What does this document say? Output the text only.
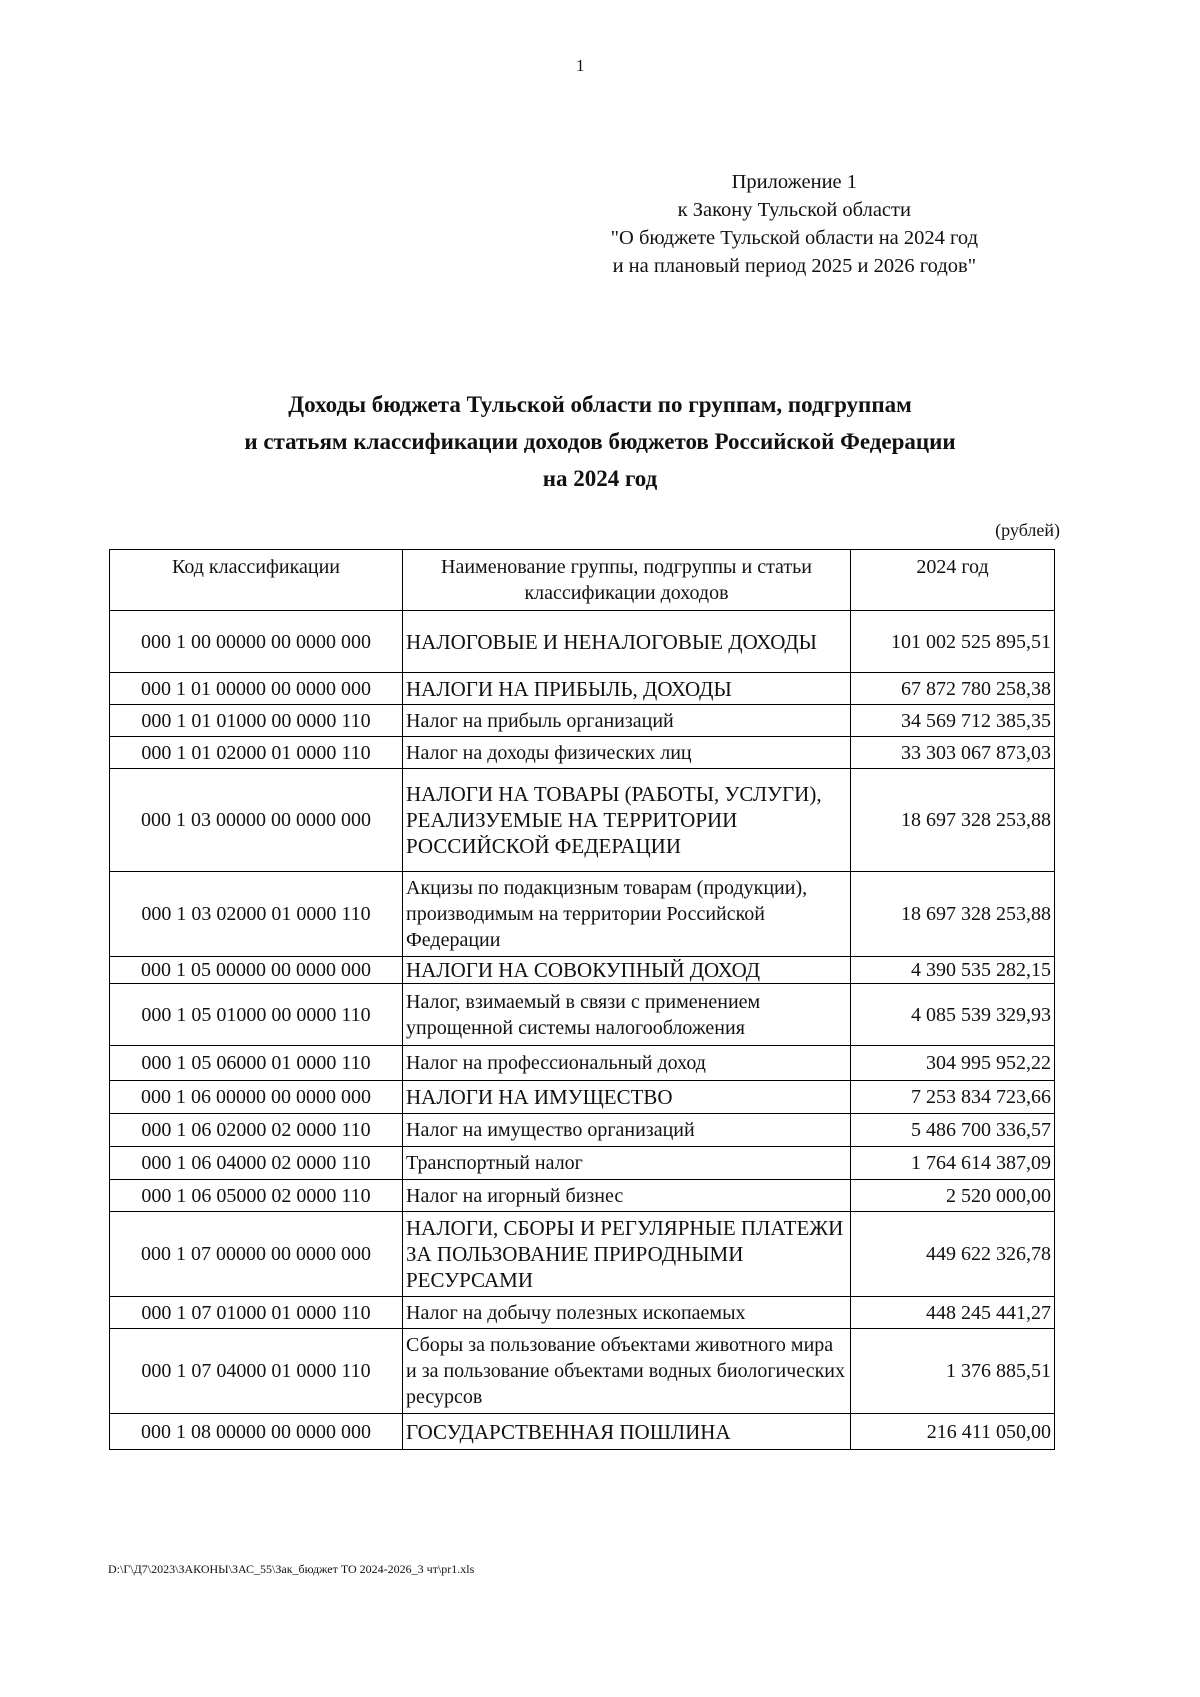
1
Приложение 1
к Закону Тульской области
"О бюджете Тульской области на 2024 год
и на плановый период 2025 и 2026 годов"
Доходы бюджета Тульской области по группам, подгруппам
и статьям классификации доходов бюджетов Российской Федерации
на 2024 год
(рублей)
Код классификации	Наименование группы, подгруппы и статьи классификации доходов	2024 год
000 1 00 00000 00 0000 000	НАЛОГОВЫЕ И НЕНАЛОГОВЫЕ ДОХОДЫ	101 002 525 895,51
000 1 01 00000 00 0000 000	НАЛОГИ НА ПРИБЫЛЬ, ДОХОДЫ	67 872 780 258,38
000 1 01 01000 00 0000 110	Налог на прибыль организаций	34 569 712 385,35
000 1 01 02000 01 0000 110	Налог на доходы физических лиц	33 303 067 873,03
000 1 03 00000 00 0000 000	НАЛОГИ НА ТОВАРЫ (РАБОТЫ, УСЛУГИ), РЕАЛИЗУЕМЫЕ НА ТЕРРИТОРИИ РОССИЙСКОЙ ФЕДЕРАЦИИ	18 697 328 253,88
000 1 03 02000 01 0000 110	Акцизы по подакцизным товарам (продукции), производимым на территории Российской Федерации	18 697 328 253,88
000 1 05 00000 00 0000 000	НАЛОГИ НА СОВОКУПНЫЙ ДОХОД	4 390 535 282,15
000 1 05 01000 00 0000 110	Налог, взимаемый в связи с применением упрощенной системы налогообложения	4 085 539 329,93
000 1 05 06000 01 0000 110	Налог на профессиональный доход	304 995 952,22
000 1 06 00000 00 0000 000	НАЛОГИ НА ИМУЩЕСТВО	7 253 834 723,66
000 1 06 02000 02 0000 110	Налог на имущество организаций	5 486 700 336,57
000 1 06 04000 02 0000 110	Транспортный налог	1 764 614 387,09
000 1 06 05000 02 0000 110	Налог на игорный бизнес	2 520 000,00
000 1 07 00000 00 0000 000	НАЛОГИ, СБОРЫ И РЕГУЛЯРНЫЕ ПЛАТЕЖИ ЗА ПОЛЬЗОВАНИЕ ПРИРОДНЫМИ РЕСУРСАМИ	449 622 326,78
000 1 07 01000 01 0000 110	Налог на добычу полезных ископаемых	448 245 441,27
000 1 07 04000 01 0000 110	Сборы за пользование объектами животного мира и за пользование объектами водных биологических ресурсов	1 376 885,51
000 1 08 00000 00 0000 000	ГОСУДАРСТВЕННАЯ ПОШЛИНА	216 411 050,00
D:\Г\Д7\2023\ЗАКОНЫ\ЗАС_55\Зак_бюджет ТО 2024-2026_3 чт\pr1.xls
